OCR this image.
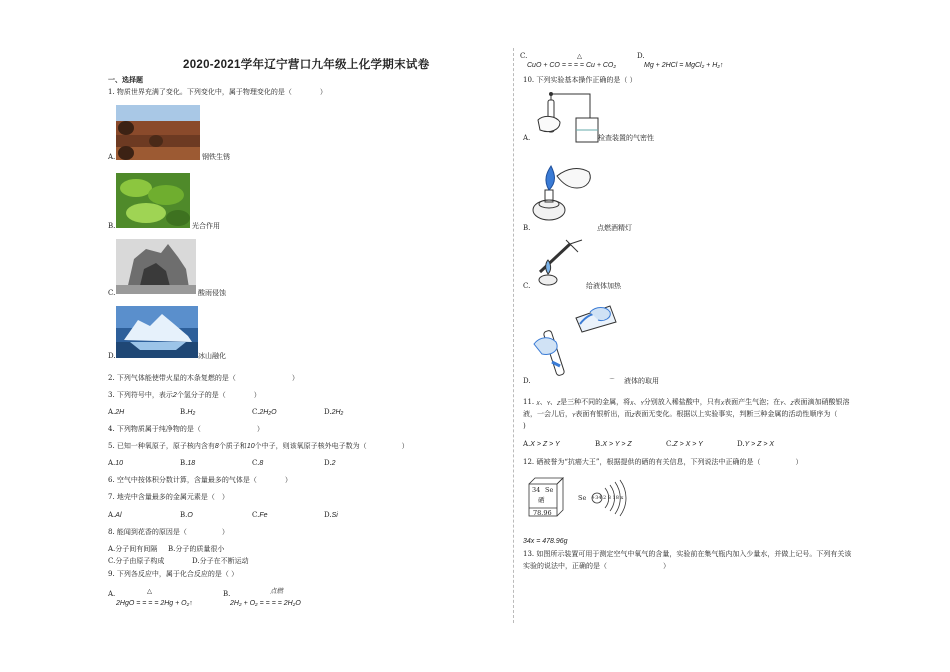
2020-2021学年辽宁营口九年级上化学期末试卷
一、选择题
1. 物质世界充满了变化。下列变化中，属于物理变化的是（　　　　）
A.	钢铁生锈
B.	光合作用
C.	酸雨侵蚀
D.	冰山融化
2. 下列气体能使带火星的木条复燃的是（　　　　　　　　）
3. 下列符号中，表示2个氢分子的是（　　　　）
A.2H	$B.H_2$	$C.2H_2O$	$D.2H_2$
4. 下列物质属于纯净物的是（　　　　　　　　）
5. 已知一种氧原子，原子核内含有8个质子和10个中子，则该氧原子核外电子数为（　　　　　）
A.10	B.18	C.8	D.2
6. 空气中按体积分数计算，含量最多的气体是（　　　　）
7. 地壳中含量最多的金属元素是（　）
A.Al	B.O	C.Fe	D.Si
8. 能闻到花香的原因是（　　　　　）
A.分子间有间隔 B.分子的质量很小
C.分子由原子构成	D.分子在不断运动
9. 下列各反应中，属于化合反应的是（ ）
A.	△
2HgO = = = = 2Hg + O₂↑
B.	点燃
2H₂ + O₂ = = = = 2H₂O
C.	△
CuO + CO = = = = Cu + CO₂
D.
Mg + 2HCl = MgCl₂ + H₂↑
10. 下列实验基本操作正确的是（ ）
A.	检查装置的气密性
B.	点燃酒精灯
C.	给液体加热
D.	液体的取用
11. $_X$、$_Y$、$_Z$是三种不同的金属，将$_X$、$_Y$分别放入稀盐酸中，只有$_X$表面产生气泡；在$_Y$、$_Z$表面滴加硝酸银溶
液，一会儿后，$_Y$表面有银析出，而$_Z$表面无变化。根据以上实验事实，判断三种金属的活动性顺序为（
)
A.X > Z > Y	B.X > Y > Z	C.Z > X > Y	D.Y > Z > X
12. 硒被誉为“抗癌大王”，根据提供的硒的有关信息，下列说法中正确的是（　　　　　）
34 Se
硒
78.96
Se +34 2 8 18 x
34x = 478.96g
13. 如图所示装置可用于测定空气中氧气的含量，实验前在集气瓶内加入少量水，并做上记号。下列有关该
实验的说法中，正确的是（　　　　　　　　）
